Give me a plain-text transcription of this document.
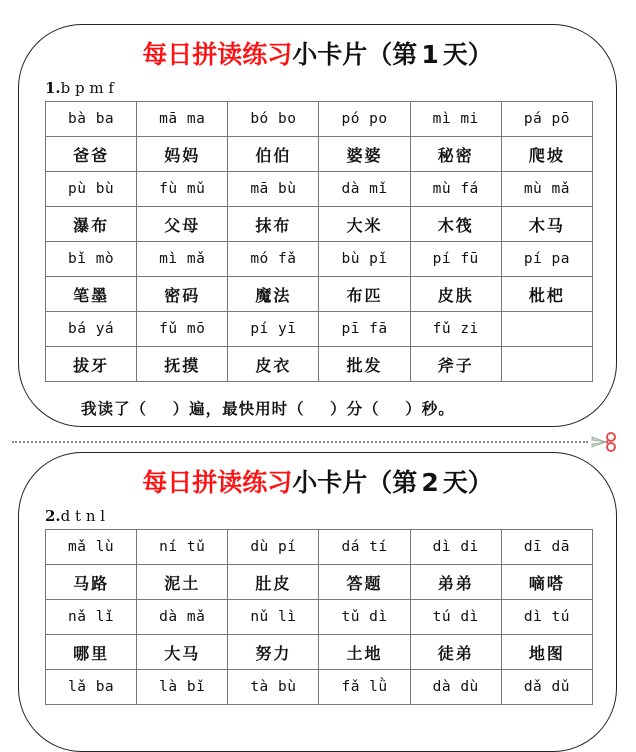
每日拼读练习小卡片（第 1 天）
1.b p m f
bà ba	mā ma	bó bo	pó po	mì mi	pá pō
爸爸	妈妈	伯伯	婆婆	秘密	爬坡
pù bù	fù mǔ	mā bù	dà mǐ	mù fá	mù mǎ
瀑布	父母	抹布	大米	木筏	木马
bǐ mò	mì mǎ	mó fǎ	bù pǐ	pí fū	pí pa
笔墨	密码	魔法	布匹	皮肤	枇杷
bá yá	fǔ mō	pí yī	pī fā	fǔ zi	
拔牙	抚摸	皮衣	批发	斧子	
我读了（    ）遍，最快用时（    ）分（    ）秒。
每日拼读练习小卡片（第 2 天）
2.d t n l
mǎ lù	ní tǔ	dù pí	dá tí	dì di	dī dā
马路	泥土	肚皮	答题	弟弟	嘀嗒
nǎ lǐ	dà mǎ	nǔ lì	tǔ dì	tú dì	dì tú
哪里	大马	努力	土地	徒弟	地图
lǎ ba	là bǐ	tà bù	fǎ lǜ	dà dù	dǎ dǔ
